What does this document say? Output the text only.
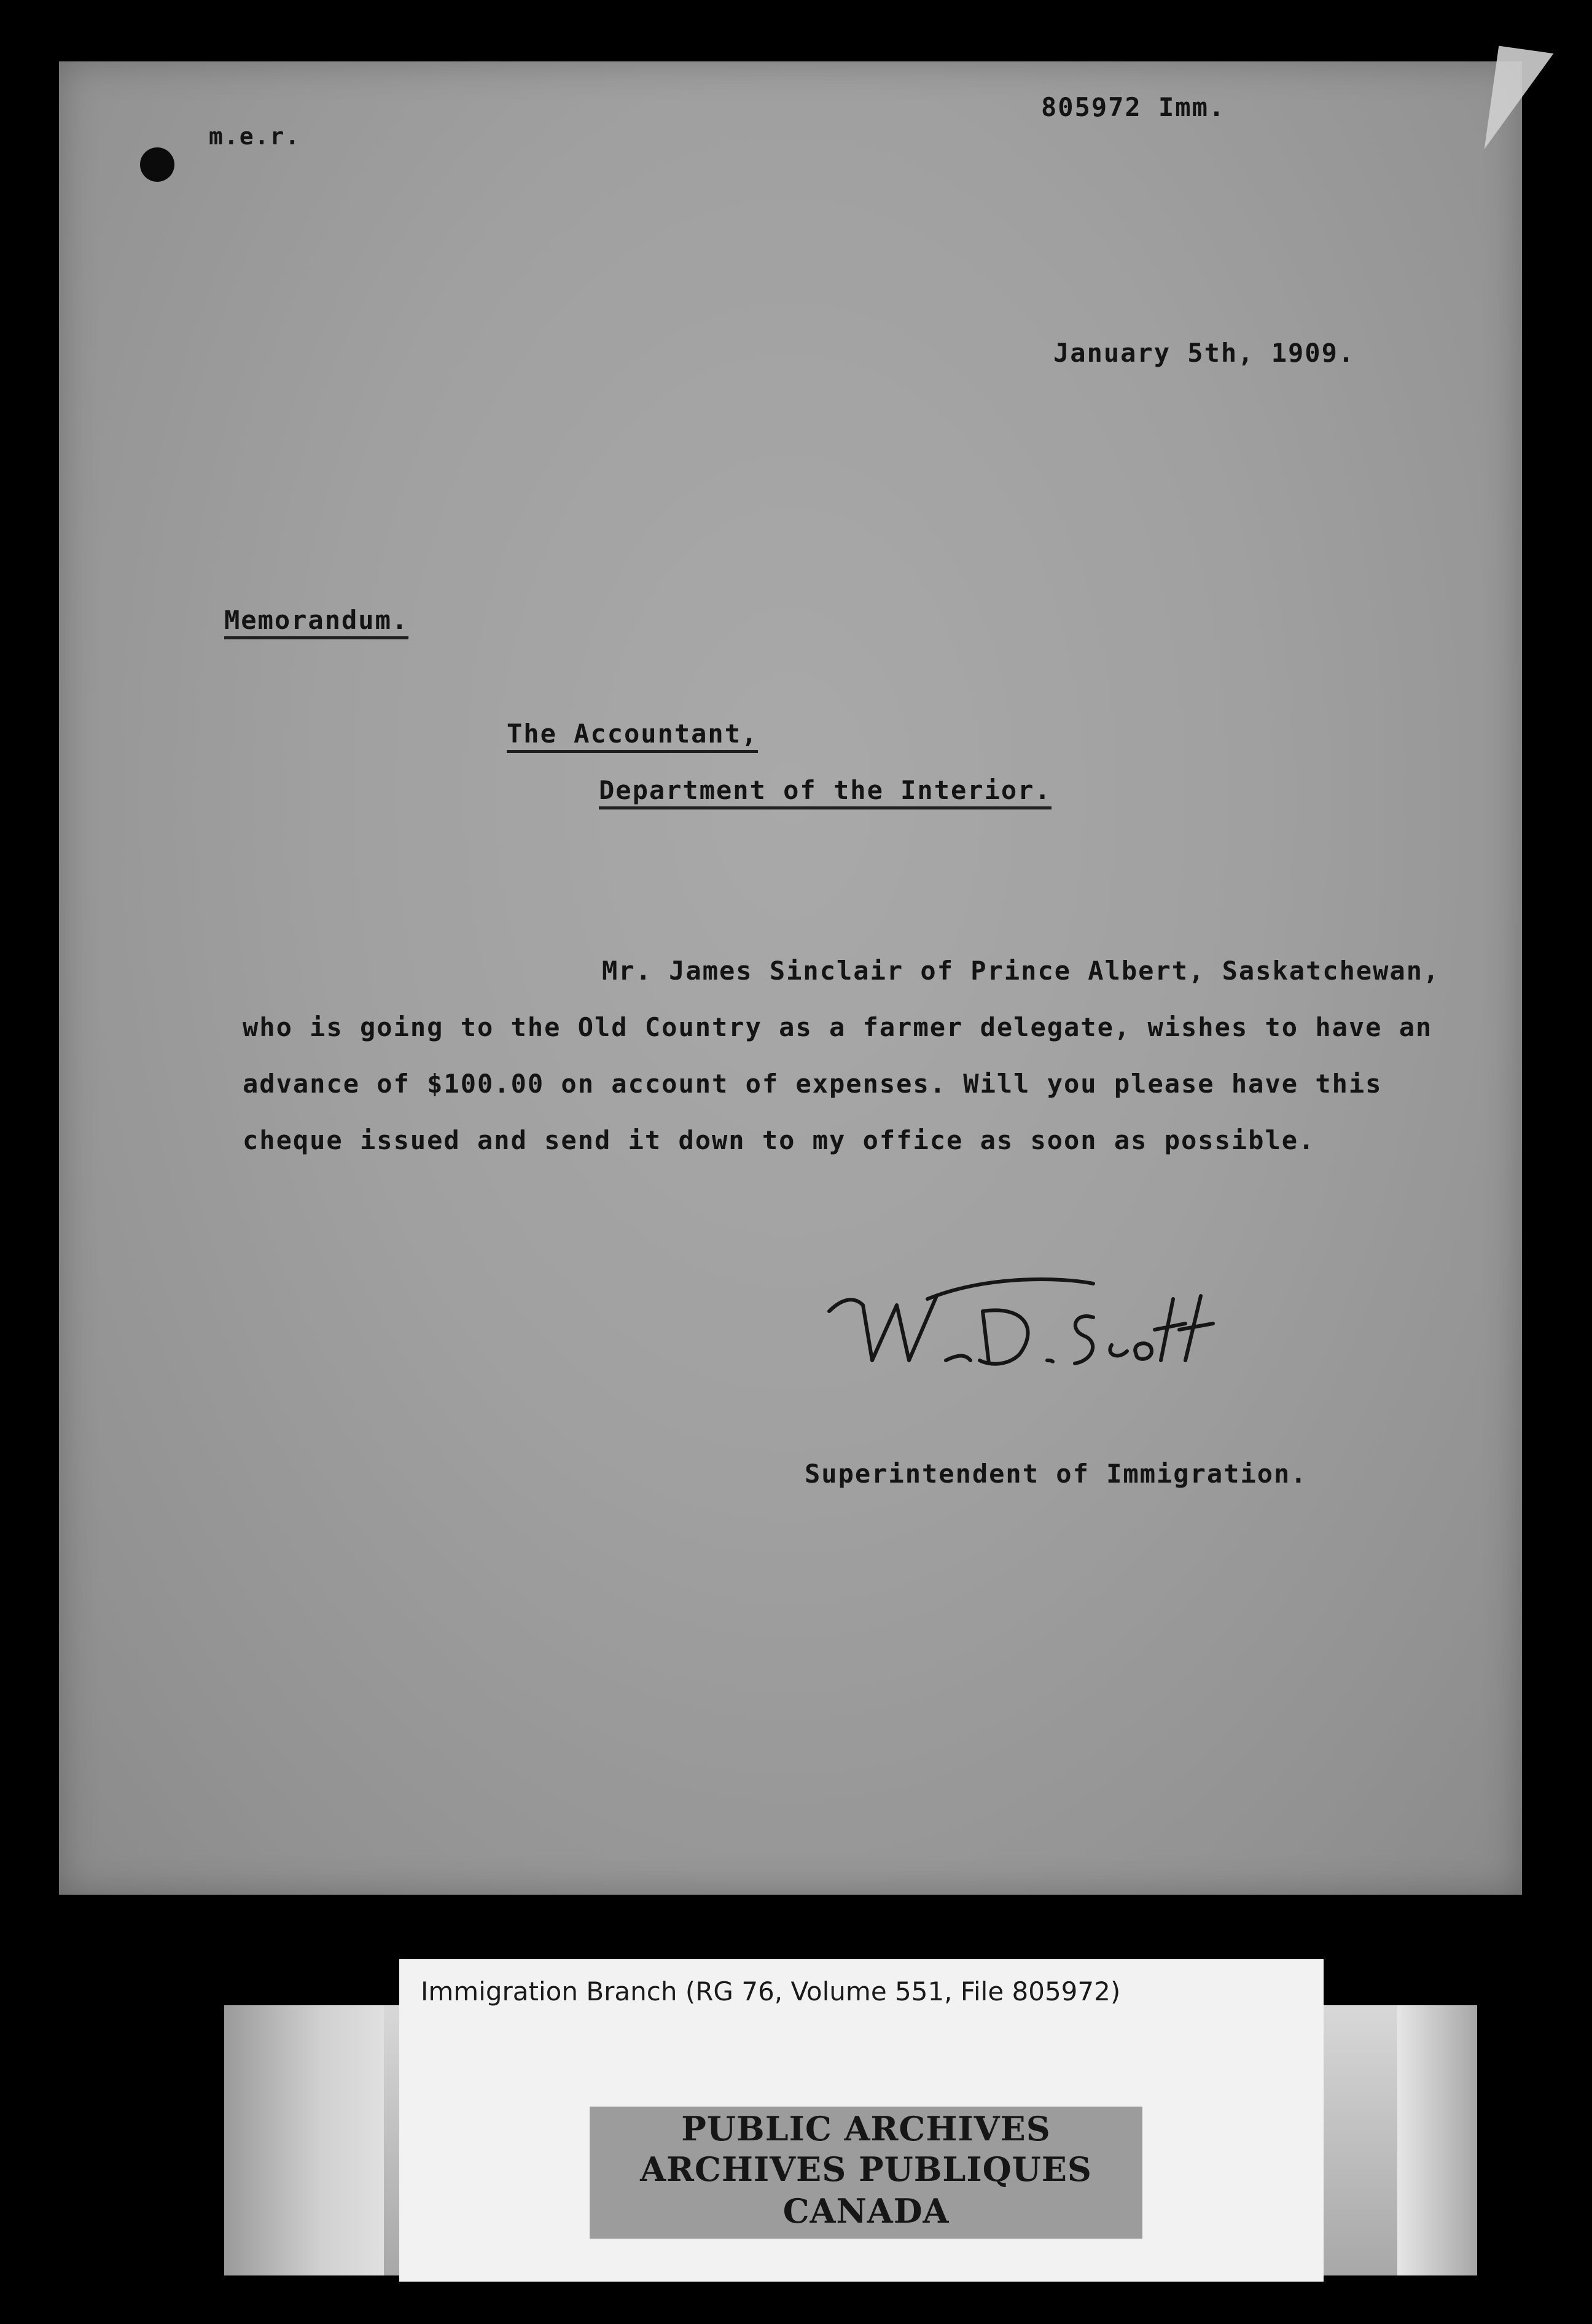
m.e.r.
805972 Imm.
January 5th, 1909.
Memorandum.
The Accountant,
Department of the Interior.
Mr. James Sinclair of Prince Albert, Saskatchewan, who is going to the Old Country as a farmer delegate, wishes to have an advance of $100.00 on account of expenses. Will you please have this cheque issued and send it down to my office as soon as possible.
Superintendent of Immigration.
Immigration Branch (RG 76, Volume 551, File 805972)
PUBLIC ARCHIVES
ARCHIVES PUBLIQUES
CANADA
